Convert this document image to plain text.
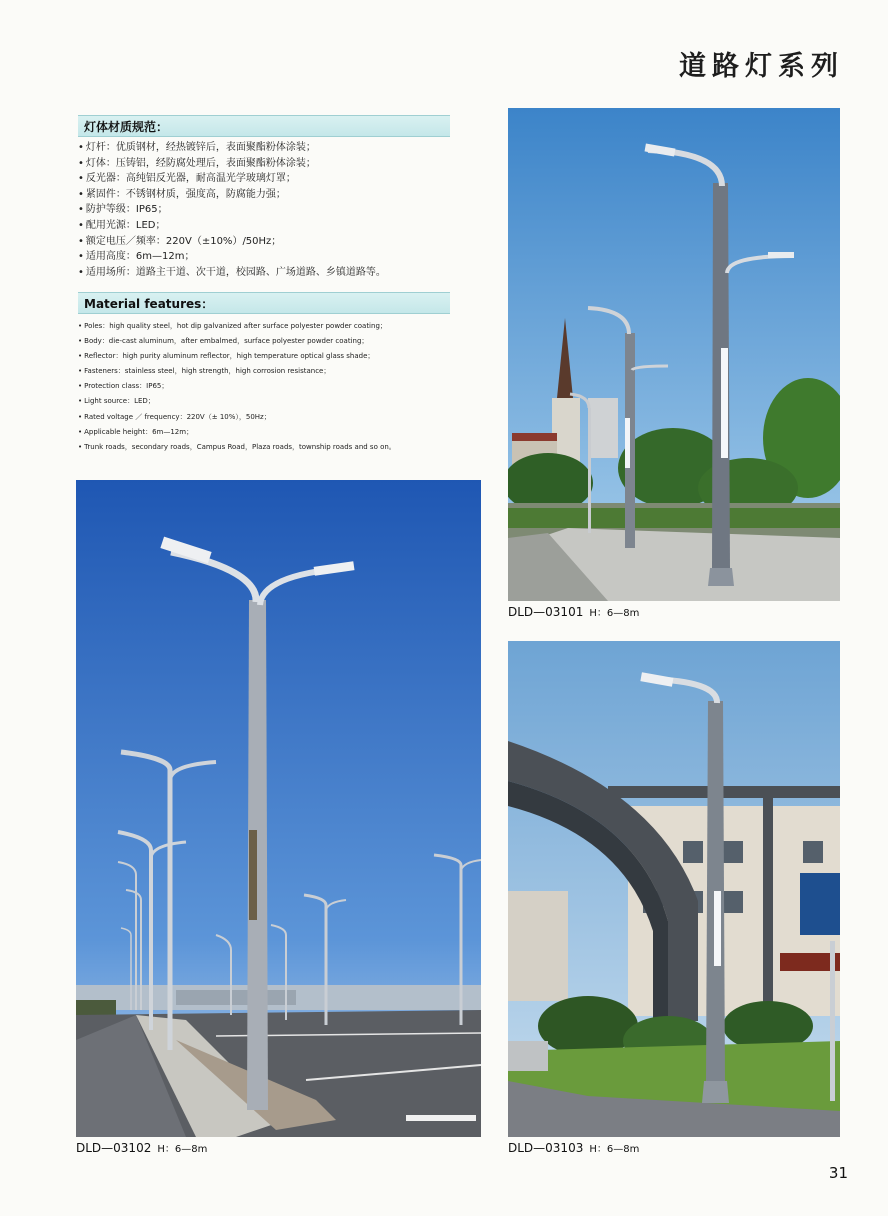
道路灯系列
灯体材质规范：
• 灯杆：优质钢材，经热镀锌后，表面聚酯粉体涂装；
• 灯体：压铸铝，经防腐处理后，表面聚酯粉体涂装；
• 反光器：高纯铝反光器，耐高温光学玻璃灯罩；
• 紧固件：不锈钢材质，强度高，防腐能力强；
• 防护等级：IP65；
• 配用光源：LED；
• 额定电压／频率：220V（±10%）/50Hz；
• 适用高度：6m—12m；
• 适用场所：道路主干道、次干道，校园路、广场道路、乡镇道路等。
Material features：
• Poles：high quality steel，hot dip galvanized after surface polyester powder coating；
• Body：die-cast aluminum，after embalmed，surface polyester powder coating；
• Reflector：high purity aluminum reflector，high temperature optical glass shade；
• Fasteners：stainless steel，high strength，high corrosion resistance；
• Protection class：IP65；
• Light source：LED；
• Rated voltage ／ frequency：220V（± 10%），50Hz；
• Applicable height：6m—12m；
• Trunk roads，secondary roads，Campus Road，Plaza roads，township roads and so on。
DLD—03101 H：6—8m
DLD—03102 H：6—8m	DLD—03103 H：6—8m
31
